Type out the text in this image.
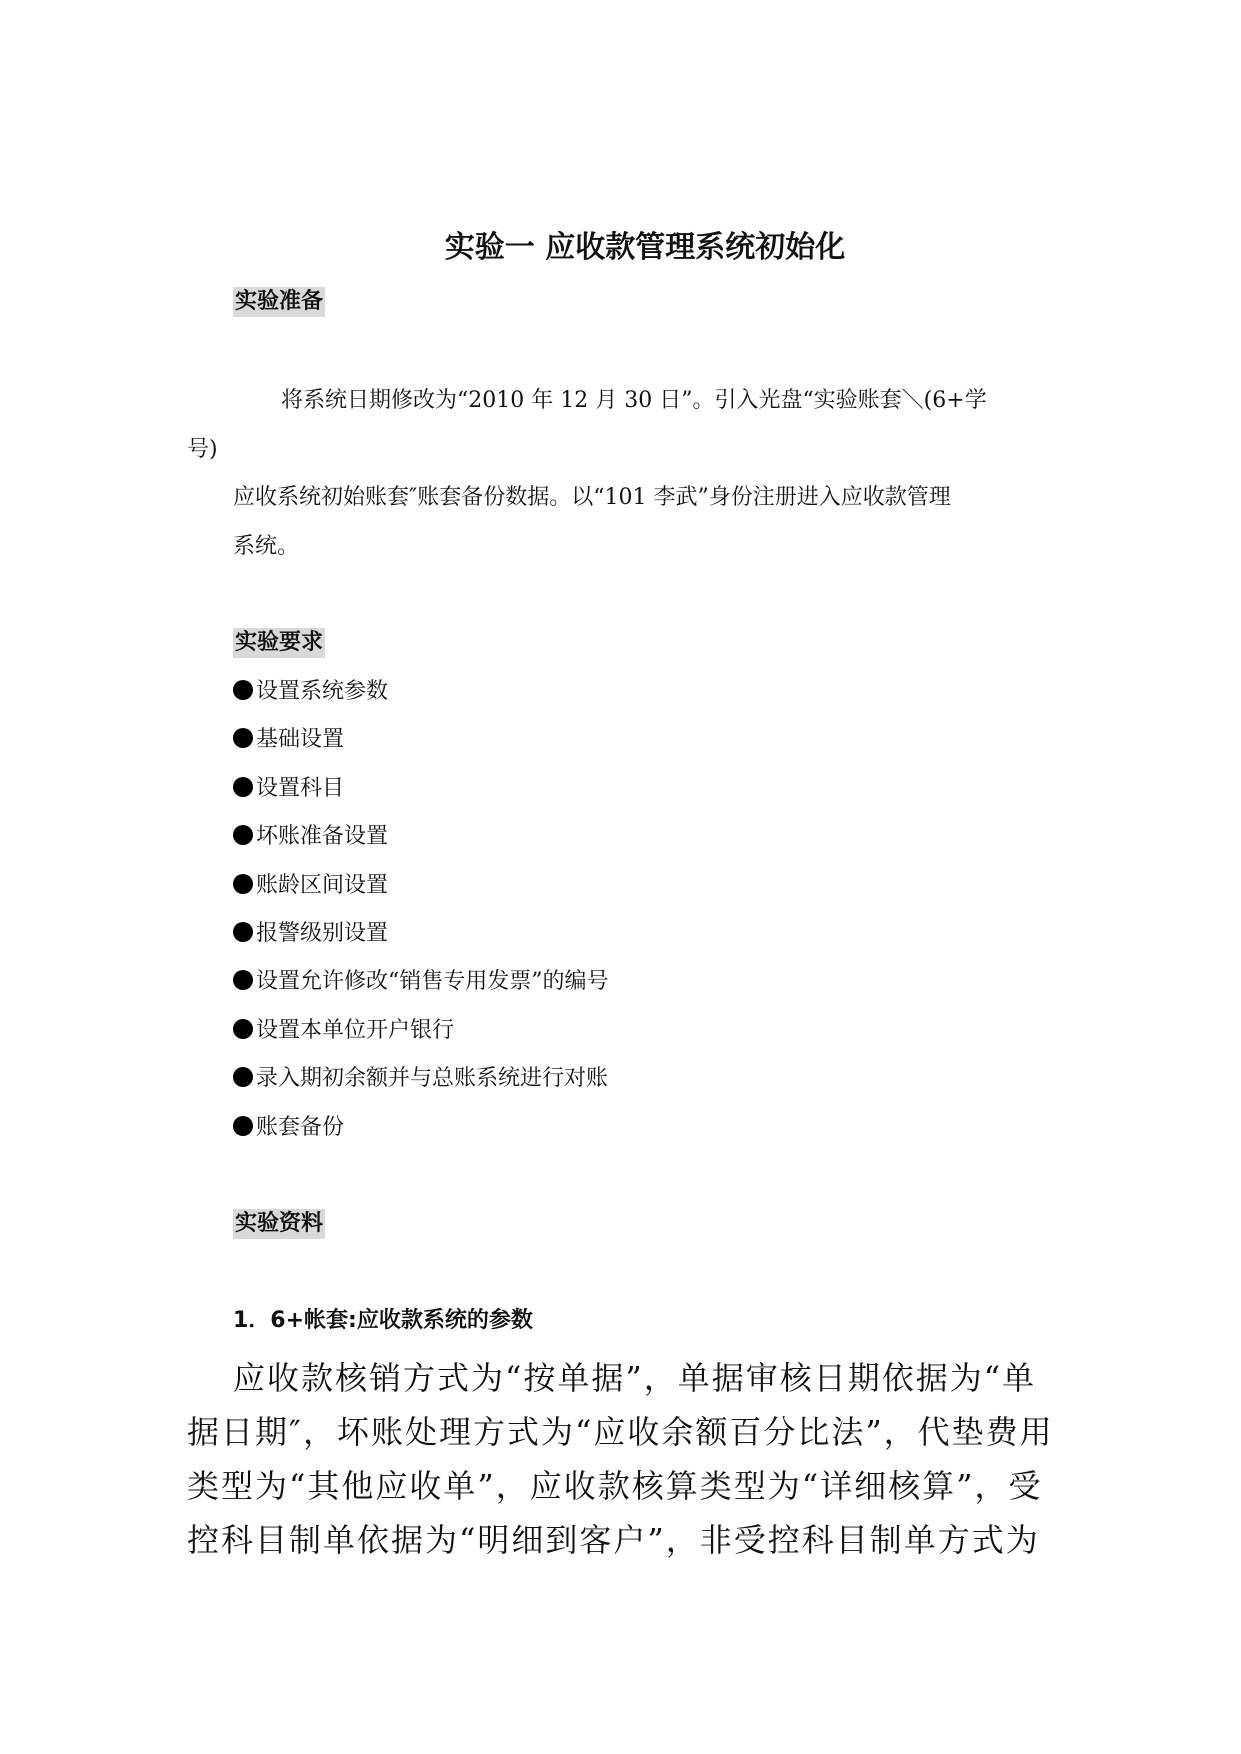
实验一 应收款管理系统初始化
实验准备
将系统日期修改为“2010 年 12 月 30 日”。引入光盘“实验账套＼(6+学
号)
应收系统初始账套″账套备份数据。以“101 李武”身份注册进入应收款管理
系统。
实验要求
设置系统参数
基础设置
设置科目
坏账准备设置
账龄区间设置
报警级别设置
设置允许修改“销售专用发票”的编号
设置本单位开户银行
录入期初余额并与总账系统进行对账
账套备份
实验资料
1．6+帐套:应收款系统的参数
应收款核销方式为“按单据”，单据审核日期依据为“单
据日期″，坏账处理方式为“应收余额百分比法”，代垫费用
类型为“其他应收单”，应收款核算类型为“详细核算”，受
控科目制单依据为“明细到客户”，非受控科目制单方式为
